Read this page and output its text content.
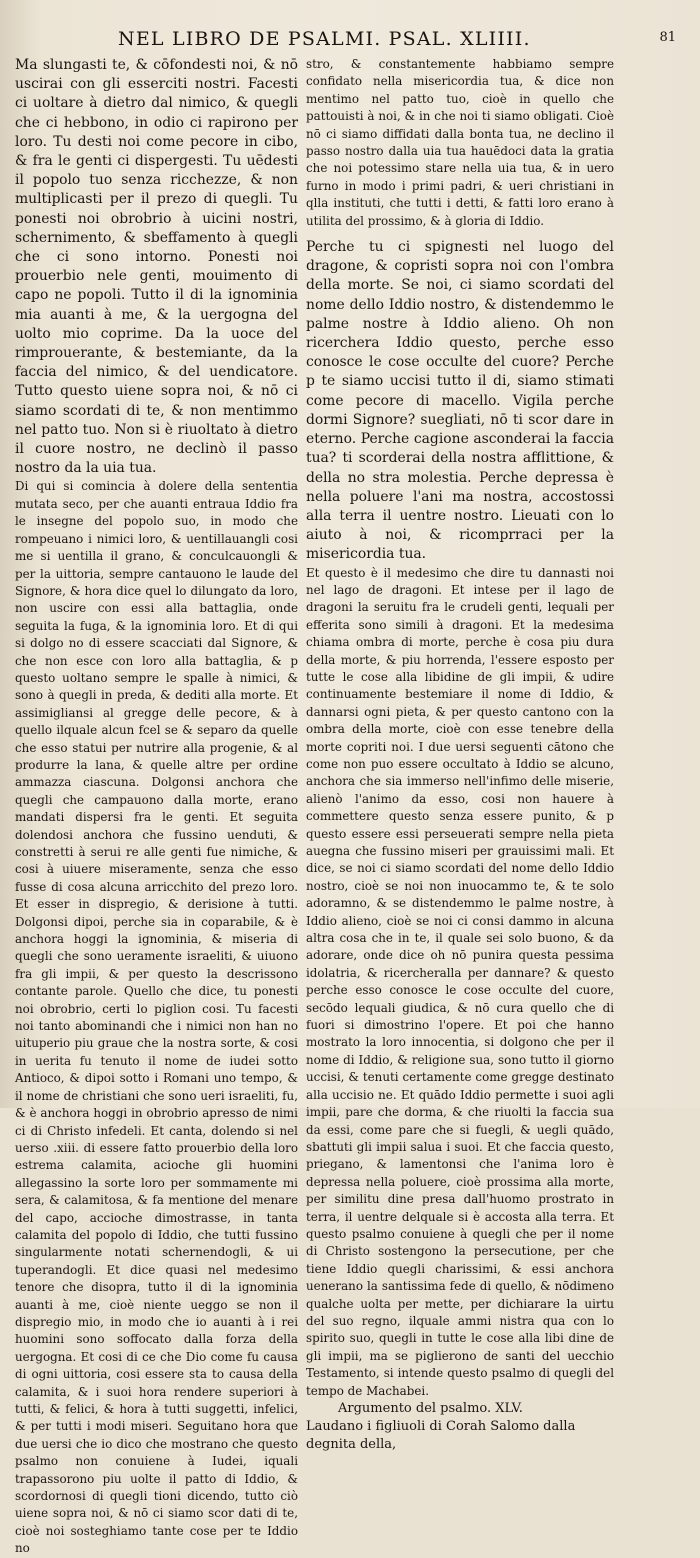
NEL LIBRO DE PSALMI. PSAL. XLIIII.	81

Ma slungasti te, & cōfondesti noi, & nō uscirai con gli esserciti nostri. Facesti ci uoltare à dietro dal nimico, & quegli che ci hebbono, in odio ci rapirono per loro. Tu desti noi come pecore in cibo, & fra le genti ci dispergesti. Tu uēdesti il popolo tuo senza ricchezze, & non multiplicasti per il prezo di quegli. Tu ponesti noi obrobrio à uicini nostri, schernimento, & sbeffamento à quegli che ci sono intorno. Ponesti noi prouerbio nele genti, mouimento di capo ne popoli. Tutto il di la ignominia mia auanti à me, & la uergogna del uolto mio coprime. Da la uoce del rimprouerante, & bestemiante, da la faccia del nimico, & del uendicatore. Tutto questo uiene sopra noi, & nō ci siamo scordati di te, & non mentimmo nel patto tuo. Non si è riuoltato à dietro il cuore nostro, ne declinò il passo nostro da la uia tua.

Di qui si comincia à dolere della sententia mutata seco, per che auanti entraua Iddio fra le insegne del popolo suo, in modo che rompeuano i nimici loro, & uentillauangli cosi me si uentilla il grano, & conculcauongli & per la uittoria, sempre cantauono le laude del Signore, & hora dice quel lo dilungato da loro, non uscire con essi alla battaglia, onde seguita la fuga, & la ignominia loro. Et di qui si dolgo no di essere scacciati dal Signore, & che non esce con loro alla battaglia, & p questo uoltano sempre le spalle à nimici, & sono à quegli in preda, & dediti alla morte. Et assimigliansi al gregge delle pecore, & à quello ilquale alcun fcel se & separo da quelle che esso statui per nutrire alla progenie, & al produrre la lana, & quelle altre per ordine ammazza ciascuna. Dolgonsi anchora che quegli che campauono dalla morte, erano mandati dispersi fra le genti. Et seguita dolendosi anchora che fussino uenduti, & constretti à serui re alle genti fue nimiche, & cosi à uiuere miseramente, senza che esso fusse di cosa alcuna arricchito del prezo loro. Et esser in dispregio, & derisione à tutti. Dolgonsi dipoi, perche sia in coparabile, & è anchora hoggi la ignominia, & miseria di quegli che sono ueramente israeliti, & uiuono fra gli impii, & per questo la descrissono contante parole. Quello che dice, tu ponesti noi obrobrio, certi lo piglion cosi. Tu facesti noi tanto abominandi che i nimici non han no uituperio piu graue che la nostra sorte, & cosi in uerita fu tenuto il nome de iudei sotto Antioco, & dipoi sotto i Romani uno tempo, & il nome de christiani che sono ueri israeliti, fu, & è anchora hoggi in obrobrio apresso de nimi ci di Christo infedeli. Et canta, dolendo si nel uerso .xiii. di essere fatto prouerbio della loro estrema calamita, acioche gli huomini allegassino la sorte loro per sommamente mi sera, & calamitosa, & fa mentione del menare del capo, accioche dimostrasse, in tanta calamita del popolo di Iddio, che tutti fussino singularmente notati schernendogli, & ui tuperandogli. Et dice quasi nel medesimo tenore che disopra, tutto il di la ignominia auanti à me, cioè niente ueggo se non il dispregio mio, in modo che io auanti à i rei huomini sono soffocato dalla forza della uergogna. Et cosi di ce che Dio come fu causa di ogni uittoria, cosi essere sta to causa della calamita, & i suoi hora rendere superiori à tutti, & felici, & hora à tutti suggetti, infelici, & per tutti i modi miseri. Seguitano hora que due uersi che io dico che mostrano che questo psalmo non conuiene à Iudei, iquali trapassorono piu uolte il patto di Iddio, & scordornosi di quegli tioni dicendo, tutto ciò uiene sopra noi, & nō ci siamo scor dati di te, cioè noi sosteghiamo tante cose per te Iddio no

stro, & constantemente habbiamo sempre confidato nella misericordia tua, & dice non mentimo nel patto tuo, cioè in quello che pattouisti à noi, & in che noi ti siamo obligati. Cioè nō ci siamo diffidati dalla bonta tua, ne declino il passo nostro dalla uia tua hauēdoci data la gratia che noi potessimo stare nella uia tua, & in uero furno in modo i primi padri, & ueri christiani in qlla instituti, che tutti i detti, & fatti loro erano à utilita del prossimo, & à gloria di Iddio.

Perche tu ci spignesti nel luogo del dragone, & copristi sopra noi con l'ombra della morte. Se noi, ci siamo scordati del nome dello Iddio nostro, & distendemmo le palme nostre à Iddio alieno. Oh non ricerchera Iddio questo, perche esso conosce le cose occulte del cuore? Perche p te siamo uccisi tutto il di, siamo stimati come pecore di macello. Vigila perche dormi Signore? suegliati, nō ti scor dare in eterno. Perche cagione asconderai la faccia tua? ti scorderai della nostra afflittione, & della no stra molestia. Perche depressa è nella poluere l'ani ma nostra, accostossi alla terra il uentre nostro. Lieuati con lo aiuto à noi, & ricomprraci per la misericordia tua.

Et questo è il medesimo che dire tu dannasti noi nel lago de dragoni. Et intese per il lago de dragoni la seruitu fra le crudeli genti, lequali per efferita sono simili à dragoni. Et la medesima chiama ombra di morte, perche è cosa piu dura della morte, & piu horrenda, l'essere esposto per tutte le cose alla libidine de gli impii, & udire continuamente bestemiare il nome di Iddio, & dannarsi ogni pieta, & per questo cantono con la ombra della morte, cioè con esse tenebre della morte copriti noi. I due uersi seguenti cātono che come non puo essere occultato à Iddio se alcuno, anchora che sia immerso nell'infimo delle miserie, alienò l'animo da esso, cosi non hauere à commettere questo senza essere punito, & p questo essere essi perseuerati sempre nella pieta auegna che fussino miseri per grauissimi mali. Et dice, se noi ci siamo scordati del nome dello Iddio nostro, cioè se noi non inuocammo te, & te solo adoramno, & se distendemmo le palme nostre, à Iddio alieno, cioè se noi ci consi dammo in alcuna altra cosa che in te, il quale sei solo buono, & da adorare, onde dice oh nō punira questa pessima idolatria, & ricercheralla per dannare? & questo perche esso conosce le cose occulte del cuore, secōdo lequali giudica, & nō cura quello che di fuori si dimostrino l'opere. Et poi che hanno mostrato la loro innocentia, si dolgono che per il nome di Iddio, & religione sua, sono tutto il giorno uccisi, & tenuti certamente come gregge destinato alla uccisio ne. Et quādo Iddio permette i suoi agli impii, pare che dorma, & che riuolti la faccia sua da essi, come pare che si fuegli, & uegli quādo, sbattuti gli impii salua i suoi. Et che faccia questo, priegano, & lamentonsi che l'anima loro è depressa nella poluere, cioè prossima alla morte, per similitu dine presa dall'huomo prostrato in terra, il uentre delquale si è accosta alla terra. Et questo psalmo conuiene à quegli che per il nome di Christo sostengono la persecutione, per che tiene Iddio quegli charissimi, & essi anchora uenerano la santissima fede di quello, & nōdimeno qualche uolta per mette, per dichiarare la uirtu del suo regno, ilquale ammi nistra qua con lo spirito suo, quegli in tutte le cose alla libi dine de gli impii, ma se piglierono de santi del uecchio Testamento, si intende questo psalmo di quegli del tempo de Machabei.

Argumento del psalmo. XLV.

Laudano i figliuoli di Corah Salomo dalla degnita della,
